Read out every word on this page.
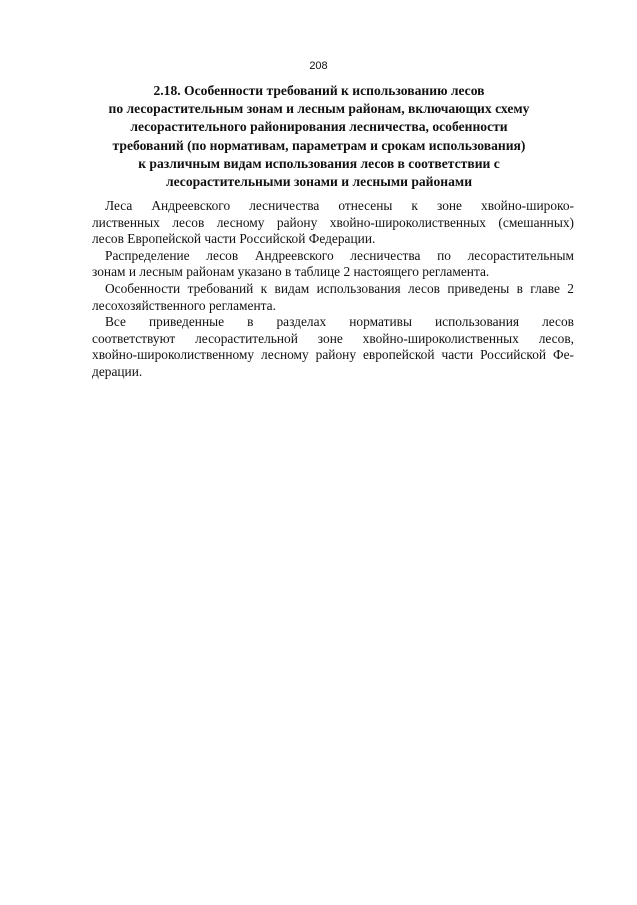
208
2.18. Особенности требований к использованию лесов
по лесорастительным зонам и лесным районам, включающих схему
лесорастительного районирования лесничества, особенности
требований (по нормативам, параметрам и срокам использования)
к различным видам использования лесов в соответствии с
лесорастительными зонами и лесными районами
Леса Андреевского лесничества отнесены к зоне хвойно-широко-
лиственных лесов лесному району хвойно-широколиственных (смешанных)
лесов Европейской части Российской Федерации.
Распределение лесов Андреевского лесничества по лесорастительным
зонам и лесным районам указано в таблице 2 настоящего регламента.
Особенности требований к видам использования лесов приведены в главе 2
лесохозяйственного регламента.
Все приведенные в разделах нормативы использования лесов
соответствуют лесорастительной зоне хвойно-широколиственных лесов,
хвойно-широколиственному лесному району европейской части Российской Фе-
дерации.
